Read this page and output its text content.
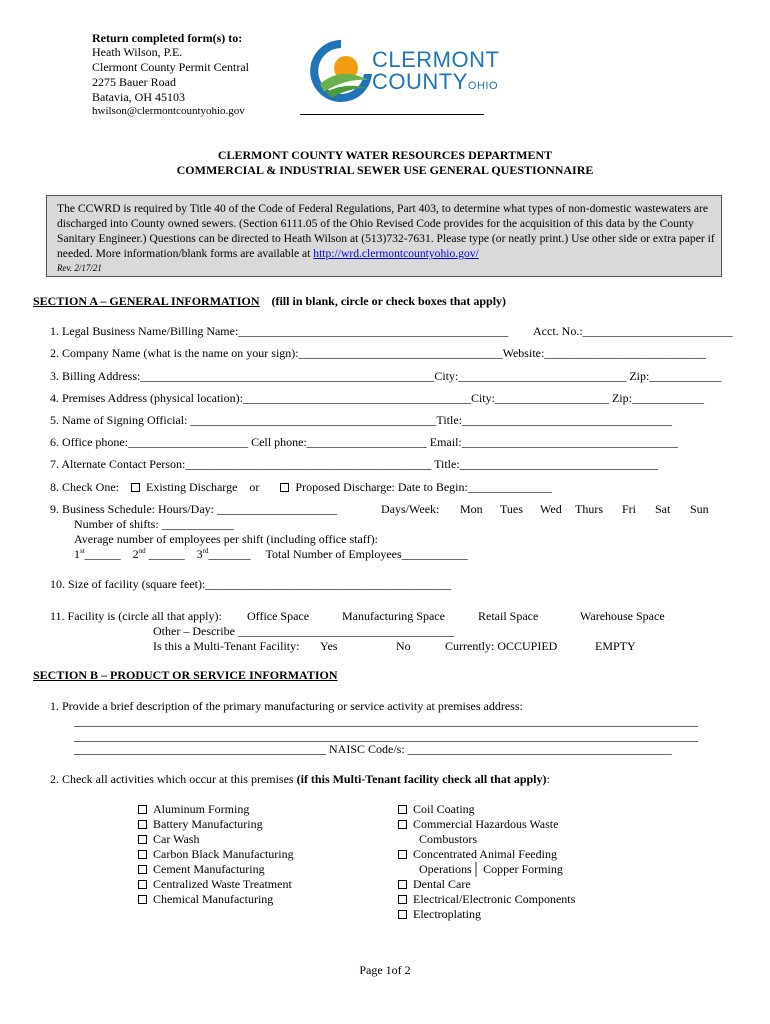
Return completed form(s) to:
Heath Wilson, P.E.
Clermont County Permit Central
2275 Bauer Road
Batavia, OH 45103
hwilson@clermontcountyohio.gov
CLERMONT
COUNTYOHIO
CLERMONT COUNTY WATER RESOURCES DEPARTMENT
COMMERCIAL & INDUSTRIAL SEWER USE GENERAL QUESTIONNAIRE
The CCWRD is required by Title 40 of the Code of Federal Regulations, Part 403, to determine what types of non-domestic wastewaters are discharged into County owned sewers. (Section 6111.05 of the Ohio Revised Code provides for the acquisition of this data by the County Sanitary Engineer.) Questions can be directed to Heath Wilson at (513)732-7631. Please type (or neatly print.) Use other side or extra paper if needed. More information/blank forms are available at http://wrd.clermontcountyohio.gov/
Rev. 2/17/21
SECTION A – GENERAL INFORMATION (fill in blank, circle or check boxes that apply)
1. Legal Business Name/Billing Name:_____________________________________________ Acct. No.:_________________________
2. Company Name (what is the name on your sign):__________________________________Website:___________________________
3. Billing Address:_________________________________________________City:____________________________ Zip:____________
4. Premises Address (physical location):______________________________________City:___________________ Zip:____________
5. Name of Signing Official: _________________________________________Title:___________________________________
6. Office phone:____________________ Cell phone:____________________ Email:____________________________________
7. Alternate Contact Person:_________________________________________ Title:_________________________________
8. Check One: Existing Discharge or	Proposed Discharge: Date to Begin:______________
9. Business Schedule: Hours/Day: ____________________	Days/Week: Mon Tues Wed Thurs Fri Sat Sun
Number of shifts: ____________
Average number of employees per shift (including office staff):
1st______ 2nd ______ 3rd_______ Total Number of Employees___________
10. Size of facility (square feet):_________________________________________
11. Facility is (circle all that apply): Office Space	Manufacturing Space	Retail Space	Warehouse Space
Other – Describe ____________________________________
Is this a Multi-Tenant Facility: Yes	No	Currently: OCCUPIED	EMPTY
SECTION B – PRODUCT OR SERVICE INFORMATION
1. Provide a brief description of the primary manufacturing or service activity at premises address:
________________________________________________________________________________________________________
________________________________________________________________________________________________________
__________________________________________ NAISC Code/s: ____________________________________________
2. Check all activities which occur at this premises (if this Multi-Tenant facility check all that apply):
Aluminum Forming
Battery Manufacturing
Car Wash
Carbon Black Manufacturing
Cement Manufacturing
Centralized Waste Treatment
Chemical Manufacturing
Coil Coating
Commercial Hazardous Waste
Combustors
Concentrated Animal Feeding
Operations│ Copper Forming
Dental Care
Electrical/Electronic Components
Electroplating
Page 1of 2
